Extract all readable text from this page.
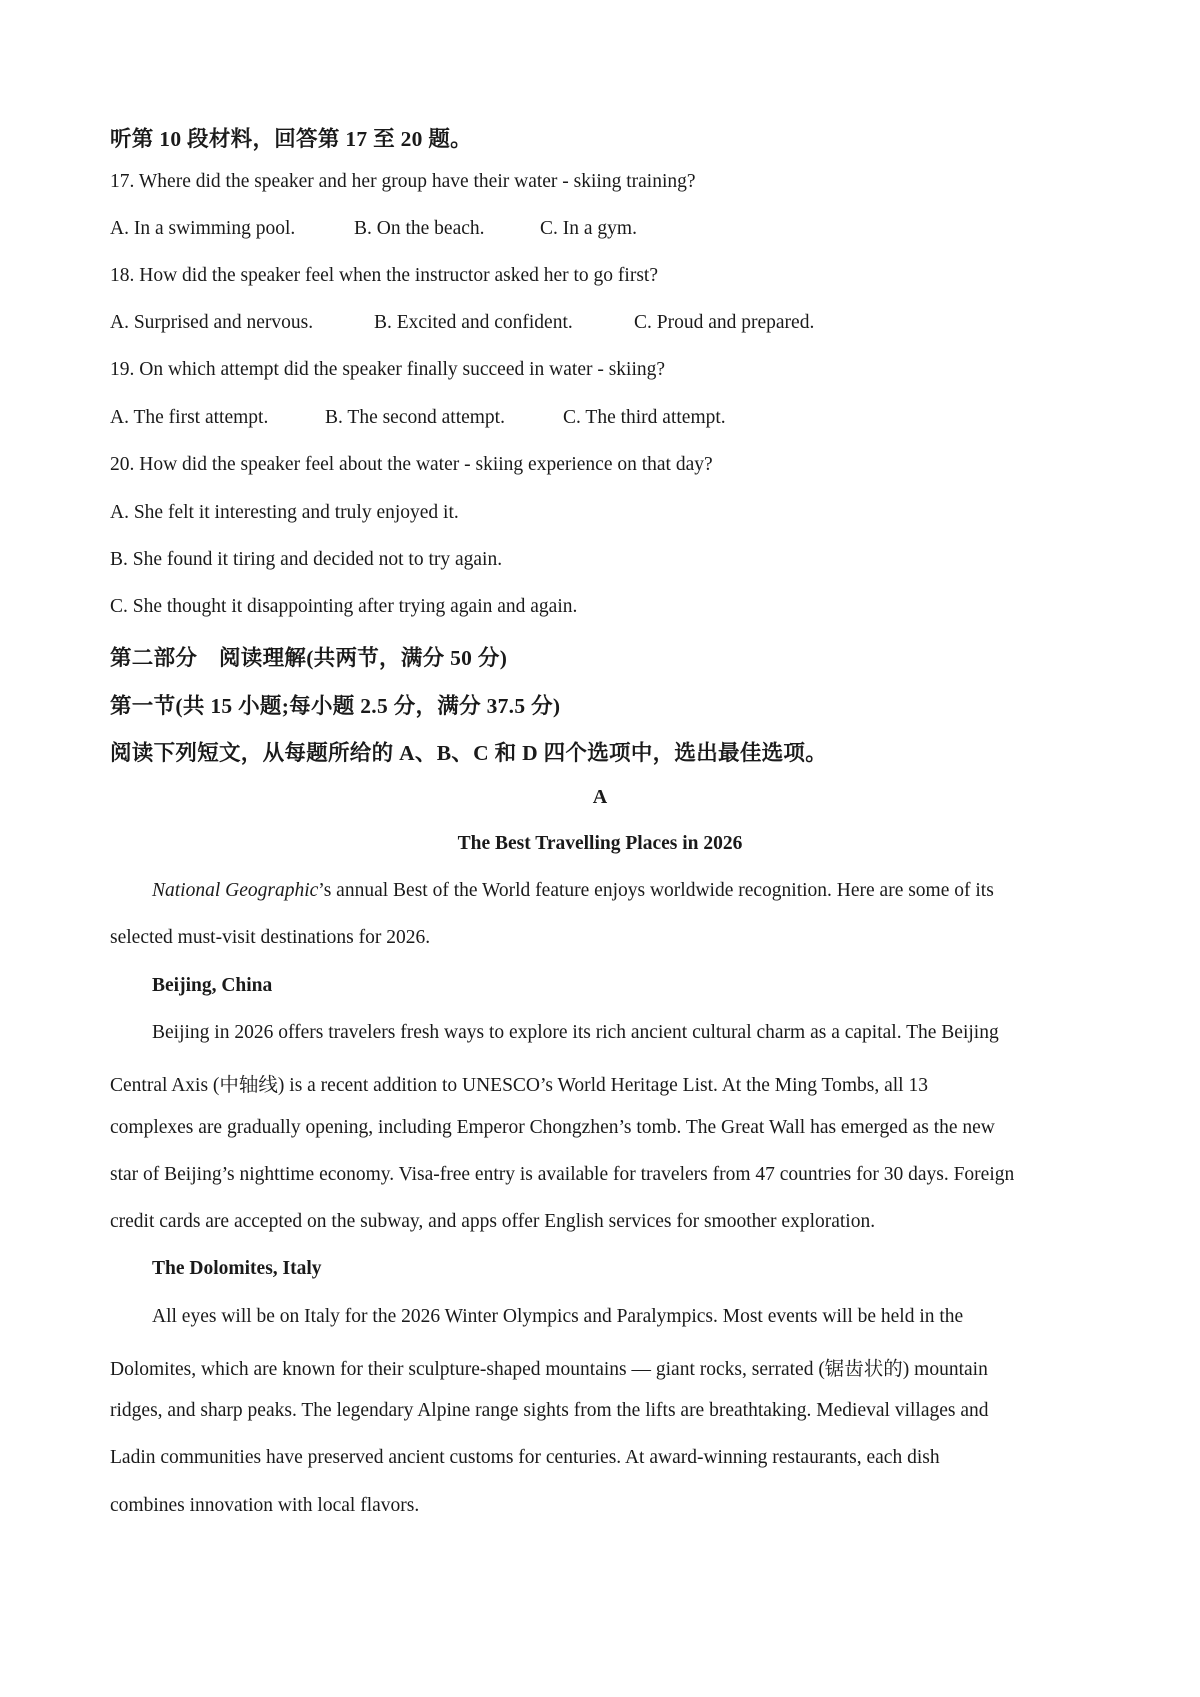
听第 10 段材料，回答第 17 至 20 题。
17. Where did the speaker and her group have their water - skiing training?
A. In a swimming pool.	B. On the beach.	C. In a gym.
18. How did the speaker feel when the instructor asked her to go first?
A. Surprised and nervous.	B. Excited and confident.	C. Proud and prepared.
19. On which attempt did the speaker finally succeed in water - skiing?
A. The first attempt.	B. The second attempt.	C. The third attempt.
20. How did the speaker feel about the water - skiing experience on that day?
A. She felt it interesting and truly enjoyed it.
B. She found it tiring and decided not to try again.
C. She thought it disappointing after trying again and again.
第二部分　阅读理解(共两节，满分 50 分)
第一节(共 15 小题;每小题 2.5 分，满分 37.5 分)
阅读下列短文，从每题所给的 A、B、C 和 D 四个选项中，选出最佳选项。
A
The Best Travelling Places in 2026
National Geographic’s annual Best of the World feature enjoys worldwide recognition. Here are some of its
selected must-visit destinations for 2026.
Beijing, China
Beijing in 2026 offers travelers fresh ways to explore its rich ancient cultural charm as a capital. The Beijing
Central Axis (中轴线) is a recent addition to UNESCO’s World Heritage List. At the Ming Tombs, all 13
complexes are gradually opening, including Emperor Chongzhen’s tomb. The Great Wall has emerged as the new
star of Beijing’s nighttime economy. Visa-free entry is available for travelers from 47 countries for 30 days. Foreign
credit cards are accepted on the subway, and apps offer English services for smoother exploration.
The Dolomites, Italy
All eyes will be on Italy for the 2026 Winter Olympics and Paralympics. Most events will be held in the
Dolomites, which are known for their sculpture-shaped mountains — giant rocks, serrated (锯齿状的) mountain
ridges, and sharp peaks. The legendary Alpine range sights from the lifts are breathtaking. Medieval villages and
Ladin communities have preserved ancient customs for centuries. At award-winning restaurants, each dish
combines innovation with local flavors.
